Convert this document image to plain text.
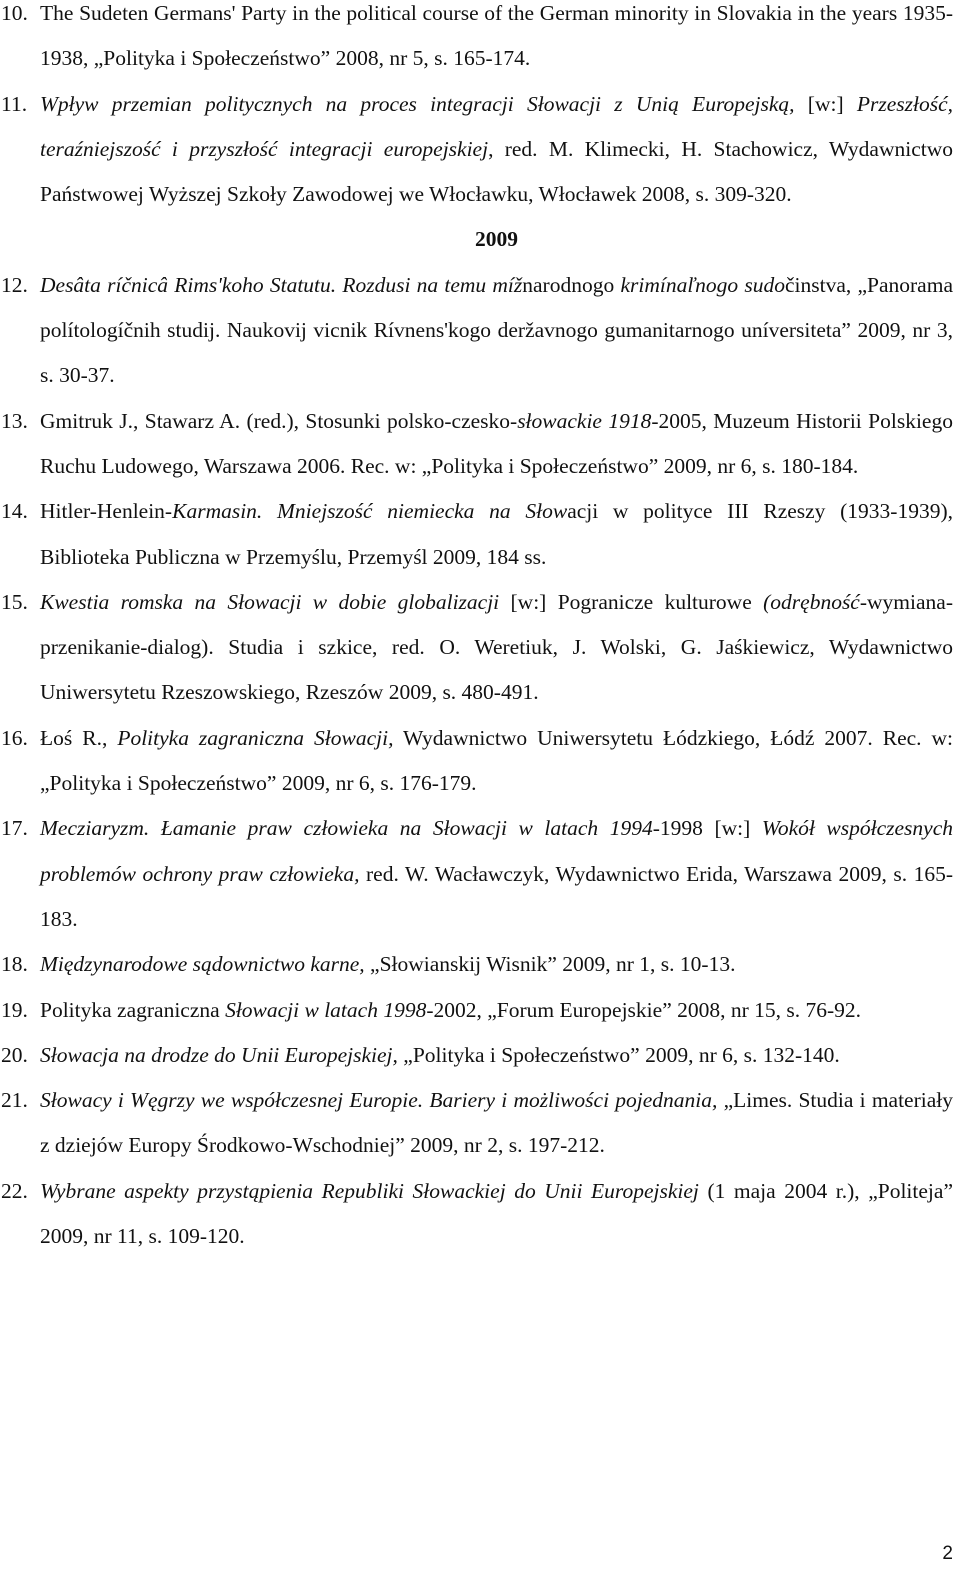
10. The Sudeten Germans' Party in the political course of the German minority in Slovakia in the years 1935-1938, „Polityka i Społeczeństwo” 2008, nr 5, s. 165-174.

11. Wpływ przemian politycznych na proces integracji Słowacji z Unią Europejską, [w:] Przeszłość, teraźniejszość i przyszłość integracji europejskiej, red. M. Klimecki, H. Stachowicz, Wydawnictwo Państwowej Wyższej Szkoły Zawodowej we Włocławku, Włocławek 2008, s. 309-320.

2009

12. Desâta ríčnicâ Rims'koho Statutu. Rozdusi na temu mížnarodnogo krimínaľnogo sudočinstva, „Panorama polítologíčnih studij. Naukovij vicnik Rívnens'kogo deržavnogo gumanitarnogo uníversiteta” 2009, nr 3, s. 30-37.

13. Gmitruk J., Stawarz A. (red.), Stosunki polsko-czesko-słowackie 1918-2005, Muzeum Historii Polskiego Ruchu Ludowego, Warszawa 2006. Rec. w: „Polityka i Społeczeństwo” 2009, nr 6, s. 180-184.

14. Hitler-Henlein-Karmasin. Mniejszość niemiecka na Słowacji w polityce III Rzeszy (1933-1939), Biblioteka Publiczna w Przemyślu, Przemyśl 2009, 184 ss.

15. Kwestia romska na Słowacji w dobie globalizacji [w:] Pogranicze kulturowe (odrębność-wymiana-przenikanie-dialog). Studia i szkice, red. O. Weretiuk, J. Wolski, G. Jaśkiewicz, Wydawnictwo Uniwersytetu Rzeszowskiego, Rzeszów 2009, s. 480-491.

16. Łoś R., Polityka zagraniczna Słowacji, Wydawnictwo Uniwersytetu Łódzkiego, Łódź 2007. Rec. w: „Polityka i Społeczeństwo” 2009, nr 6, s. 176-179.

17. Mecziaryzm. Łamanie praw człowieka na Słowacji w latach 1994-1998 [w:] Wokół współczesnych problemów ochrony praw człowieka, red. W. Wacławczyk, Wydawnictwo Erida, Warszawa 2009, s. 165-183.

18. Międzynarodowe sądownictwo karne, „Słowianskij Wisnik” 2009, nr 1, s. 10-13.

19. Polityka zagraniczna Słowacji w latach 1998-2002, „Forum Europejskie” 2008, nr 15, s. 76-92.

20. Słowacja na drodze do Unii Europejskiej, „Polityka i Społeczeństwo” 2009, nr 6, s. 132-140.

21. Słowacy i Węgrzy we współczesnej Europie. Bariery i możliwości pojednania, „Limes. Studia i materiały z dziejów Europy Środkowo-Wschodniej” 2009, nr 2, s. 197-212.

22. Wybrane aspekty przystąpienia Republiki Słowackiej do Unii Europejskiej (1 maja 2004 r.), „Politeja” 2009, nr 11, s. 109-120.

2
